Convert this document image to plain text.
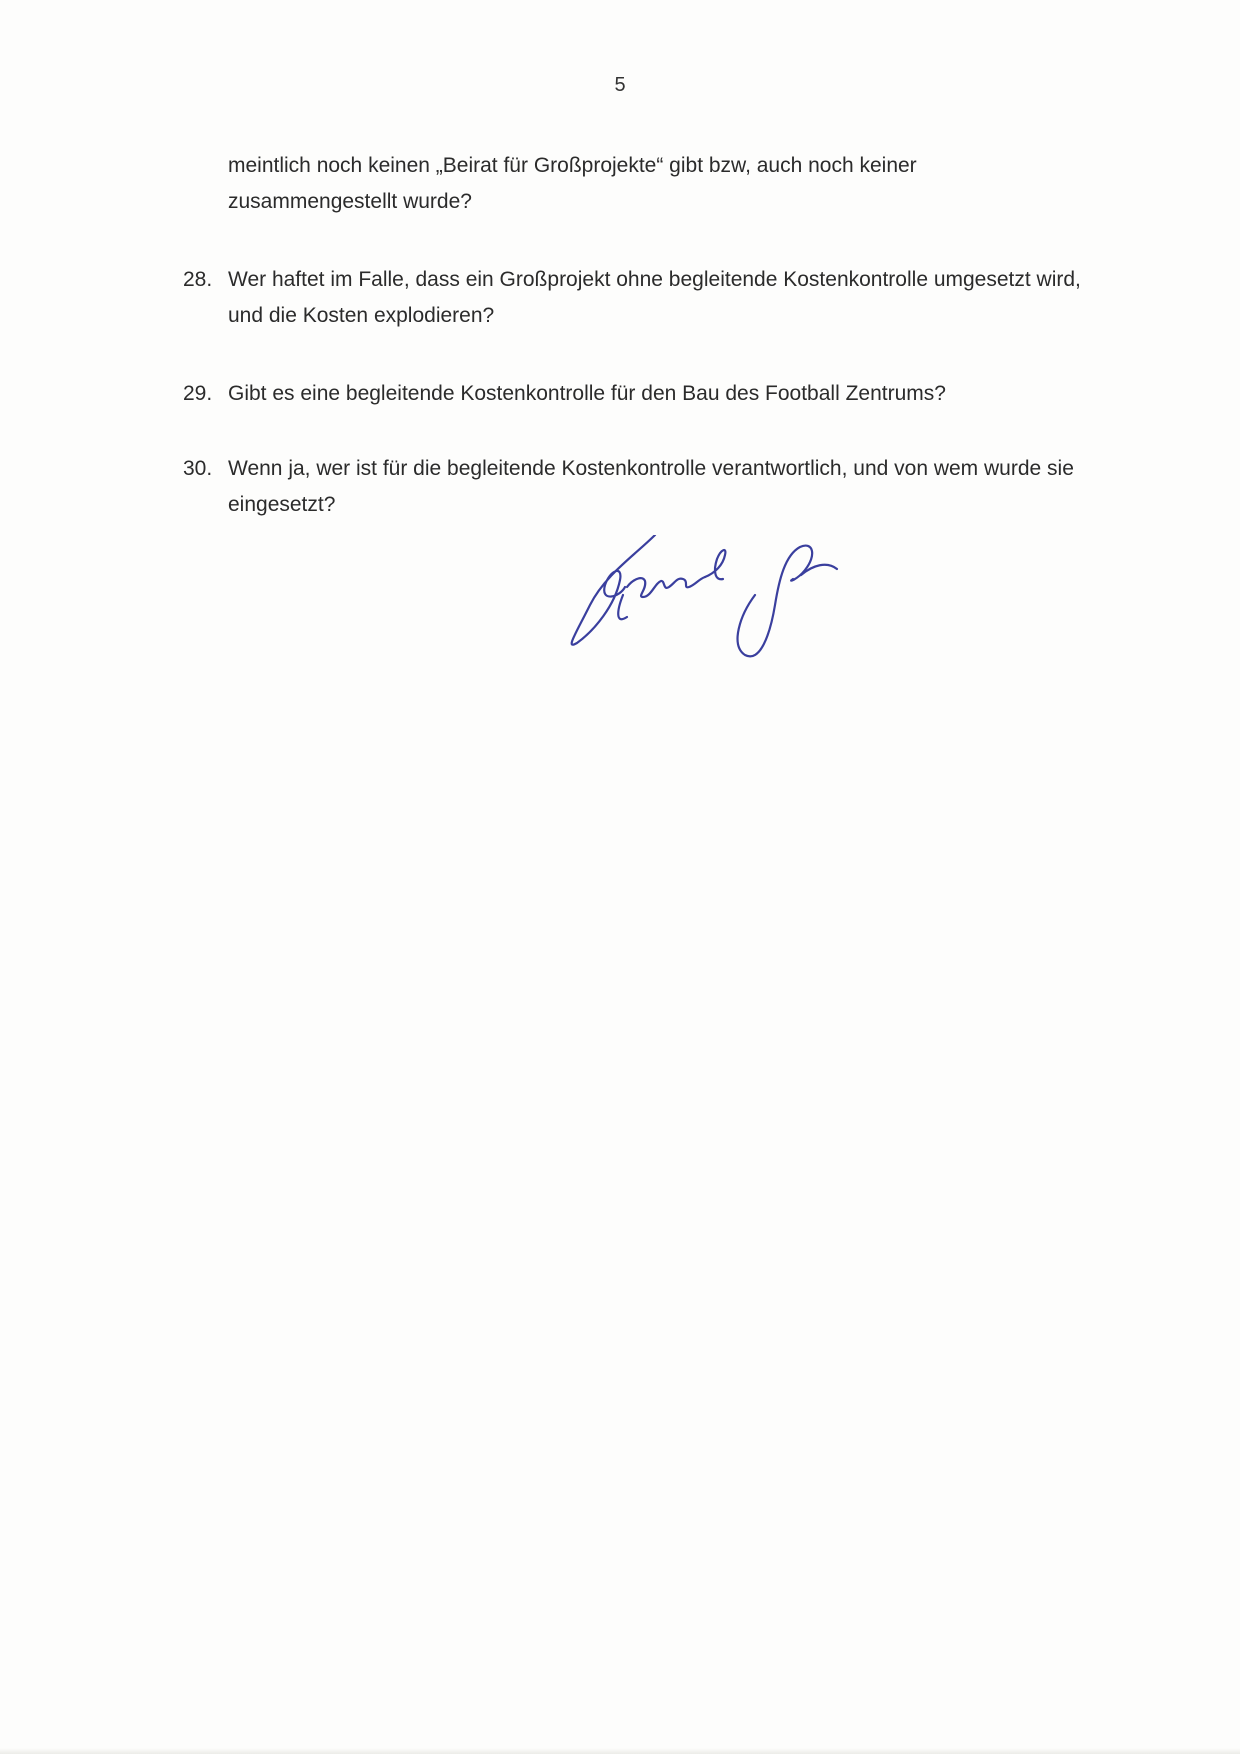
5
meintlich noch keinen „Beirat für Großprojekte“ gibt bzw, auch noch keiner zusammengestellt wurde?
28. Wer haftet im Falle, dass ein Großprojekt ohne begleitende Kostenkontrolle umgesetzt wird, und die Kosten explodieren?
29. Gibt es eine begleitende Kostenkontrolle für den Bau des Football Zentrums?
30. Wenn ja, wer ist für die begleitende Kostenkontrolle verantwortlich, und von wem wurde sie eingesetzt?
